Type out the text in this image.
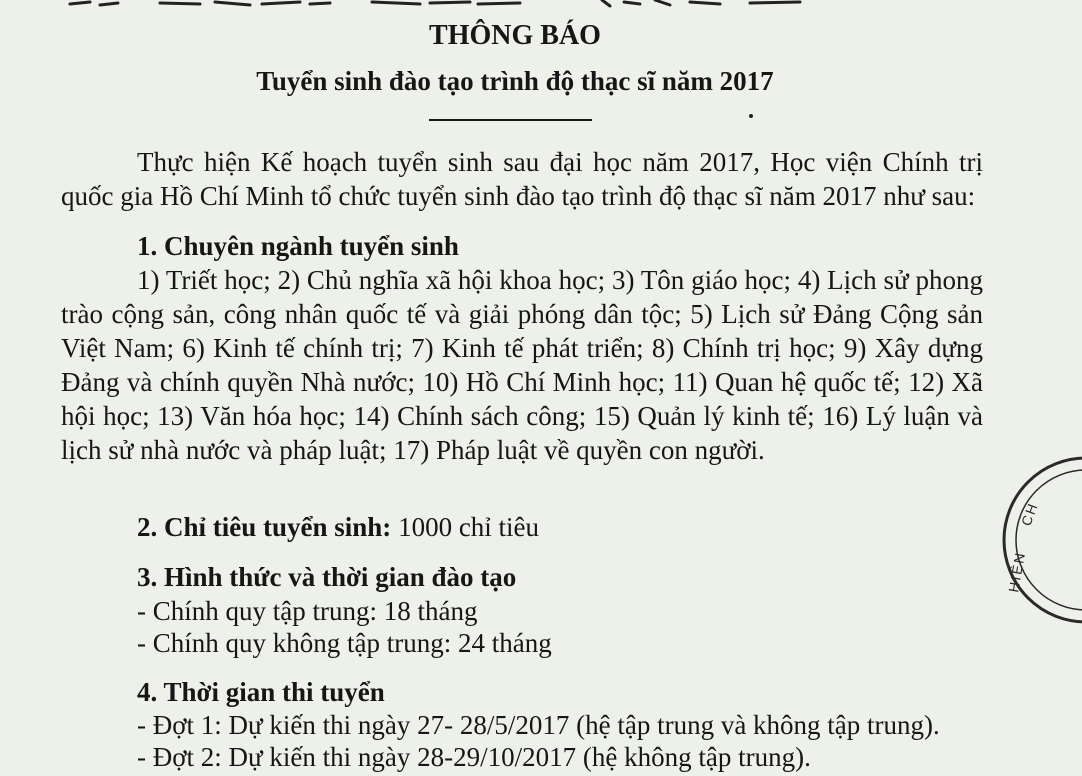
THÔNG BÁO
Tuyển sinh đào tạo trình độ thạc sĩ năm 2017
Thực hiện Kế hoạch tuyển sinh sau đại học năm 2017, Học viện Chính trị quốc gia Hồ Chí Minh tổ chức tuyển sinh đào tạo trình độ thạc sĩ năm 2017 như sau:
1. Chuyên ngành tuyển sinh
1) Triết học; 2) Chủ nghĩa xã hội khoa học; 3) Tôn giáo học; 4) Lịch sử phong trào cộng sản, công nhân quốc tế và giải phóng dân tộc; 5) Lịch sử Đảng Cộng sản Việt Nam; 6) Kinh tế chính trị; 7) Kinh tế phát triển; 8) Chính trị học; 9) Xây dựng Đảng và chính quyền Nhà nước; 10) Hồ Chí Minh học; 11) Quan hệ quốc tế; 12) Xã hội học; 13) Văn hóa học; 14) Chính sách công; 15) Quản lý kinh tế; 16) Lý luận và lịch sử nhà nước và pháp luật; 17) Pháp luật về quyền con người.
2. Chỉ tiêu tuyển sinh: 1000 chỉ tiêu
3. Hình thức và thời gian đào tạo
- Chính quy tập trung: 18 tháng
- Chính quy không tập trung: 24 tháng
4. Thời gian thi tuyển
- Đợt 1: Dự kiến thi ngày 27- 28/5/2017 (hệ tập trung và không tập trung).
- Đợt 2: Dự kiến thi ngày 28-29/10/2017 (hệ không tập trung).
HIỆN
CH
